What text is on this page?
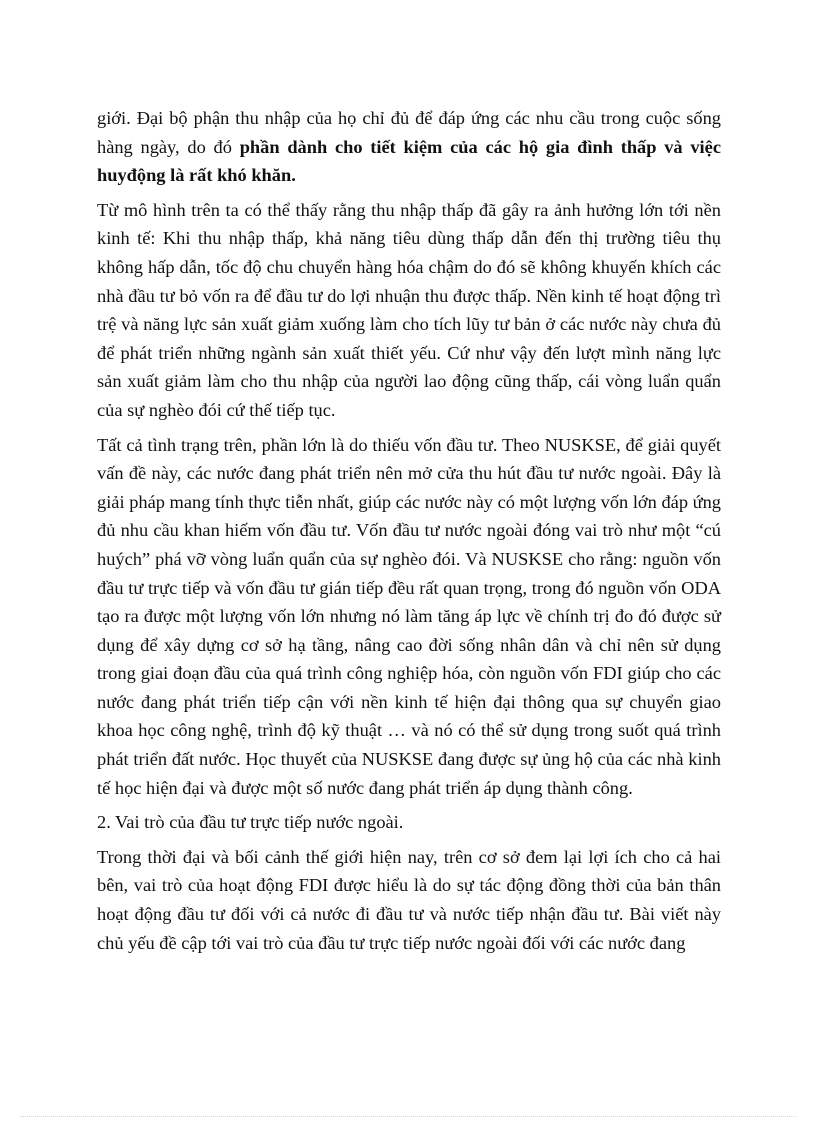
giới. Đại bộ phận thu nhập của họ chỉ đủ để đáp ứng các nhu cầu trong cuộc sống hàng ngày, do đó phần dành cho tiết kiệm của các hộ gia đình thấp và việc huyđộng là rất khó khăn.

Từ mô hình trên ta có thể thấy rằng thu nhập thấp đã gây ra ảnh hưởng lớn tới nền kinh tế: Khi thu nhập thấp, khả năng tiêu dùng thấp dẫn đến thị trường tiêu thụ không hấp dẫn, tốc độ chu chuyển hàng hóa chậm do đó sẽ không khuyến khích các nhà đầu tư bỏ vốn ra để đầu tư do lợi nhuận thu được thấp. Nền kinh tế hoạt động trì trệ và năng lực sản xuất giảm xuống làm cho tích lũy tư bản ở các nước này chưa đủ để phát triển những ngành sản xuất thiết yếu. Cứ như vậy đến lượt mình năng lực sản xuất giảm làm cho thu nhập của người lao động cũng thấp, cái vòng luẩn quẩn của sự nghèo đói cứ thế tiếp tục.

Tất cả tình trạng trên, phần lớn là do thiếu vốn đầu tư. Theo NUSKSE, để giải quyết vấn đề này, các nước đang phát triển nên mở cửa thu hút đầu tư nước ngoài. Đây là giải pháp mang tính thực tiễn nhất, giúp các nước này có một lượng vốn lớn đáp ứng đủ nhu cầu khan hiếm vốn đầu tư. Vốn đầu tư nước ngoài đóng vai trò như một “cú huých” phá vỡ vòng luẩn quẩn của sự nghèo đói. Và NUSKSE cho rằng: nguồn vốn đầu tư trực tiếp và vốn đầu tư gián tiếp đều rất quan trọng, trong đó nguồn vốn ODA tạo ra được một lượng vốn lớn nhưng nó làm tăng áp lực về chính trị đo đó được sử dụng để xây dựng cơ sở hạ tầng, nâng cao đời sống nhân dân và chỉ nên sử dụng trong giai đoạn đầu của quá trình công nghiệp hóa, còn nguồn vốn FDI giúp cho các nước đang phát triển tiếp cận với nền kinh tế hiện đại thông qua sự chuyển giao khoa học công nghệ, trình độ kỹ thuật … và nó có thể sử dụng trong suốt quá trình phát triển đất nước. Học thuyết của NUSKSE đang được sự ủng hộ của các nhà kinh tế học hiện đại và được một số nước đang phát triển áp dụng thành công.

2. Vai trò của đầu tư trực tiếp nước ngoài.

Trong thời đại và bối cảnh thế giới hiện nay, trên cơ sở đem lại lợi ích cho cả hai bên, vai trò của hoạt động FDI được hiểu là do sự tác động đồng thời của bản thân hoạt động đầu tư đối với cả nước đi đầu tư và nước tiếp nhận đầu tư. Bài viết này chủ yếu đề cập tới vai trò của đầu tư trực tiếp nước ngoài đối với các nước đang
